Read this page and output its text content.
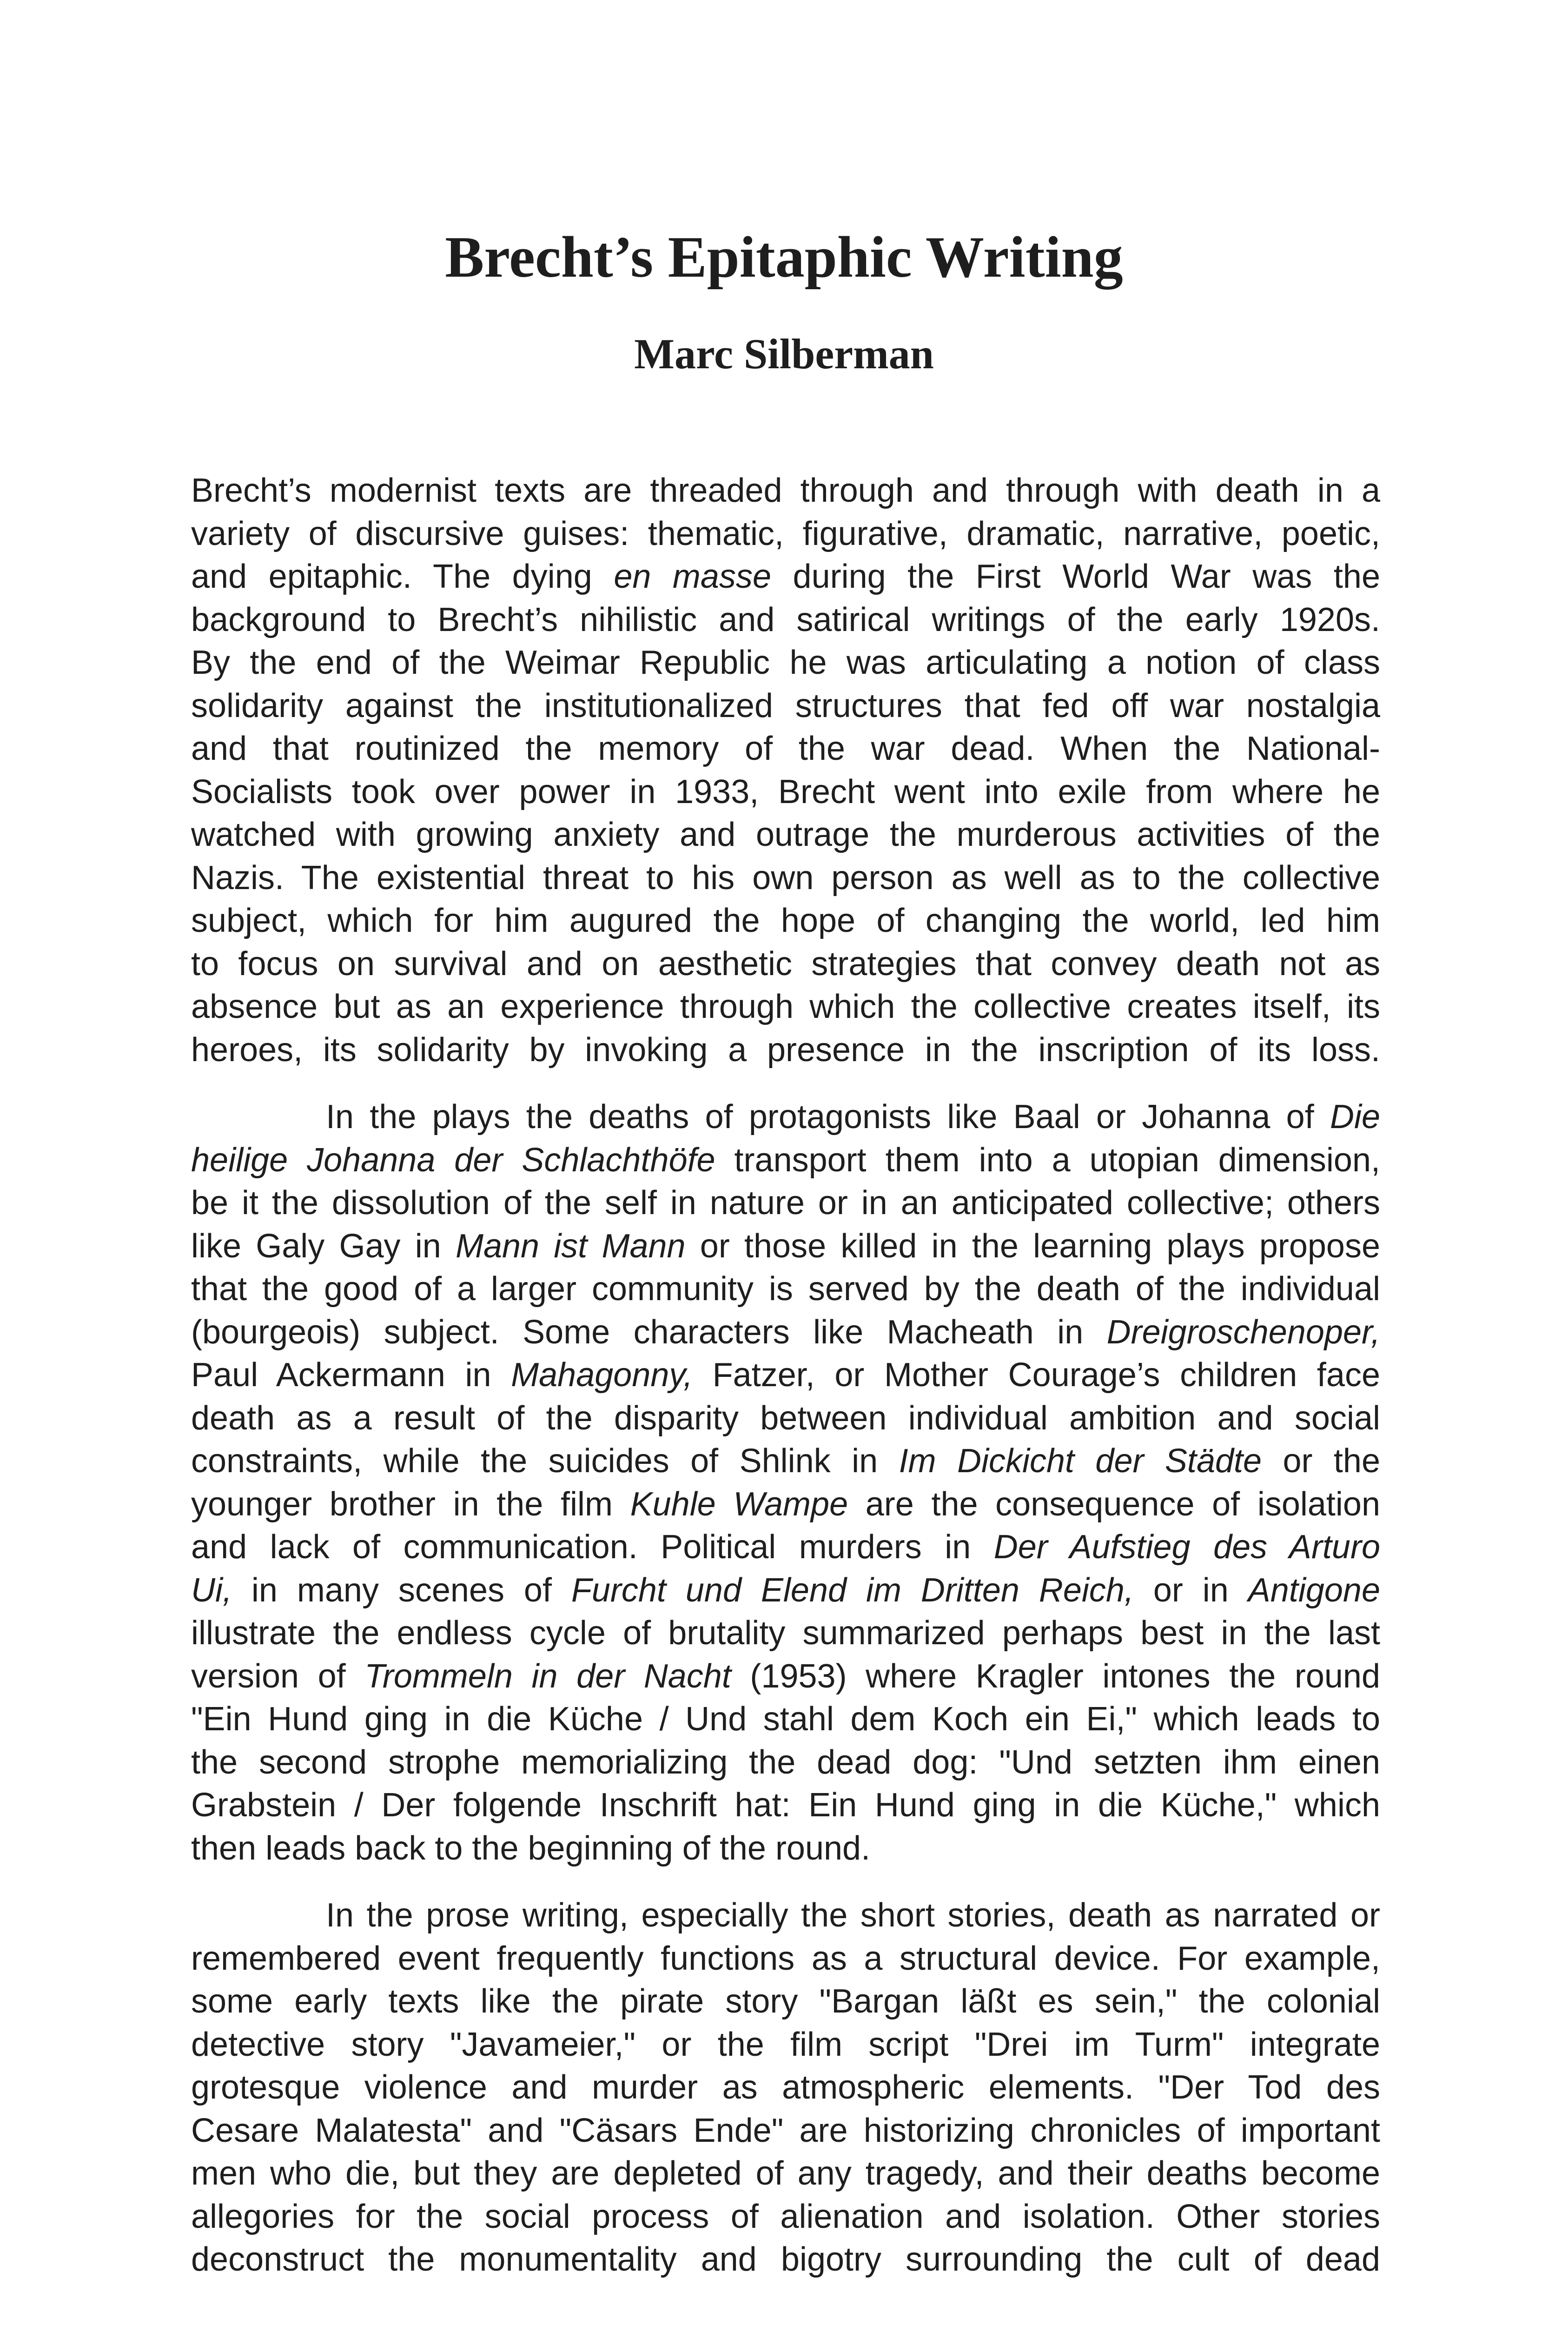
Brecht’s Epitaphic Writing
Marc Silberman
Brecht’s modernist texts are threaded through and through with death in a
variety of discursive guises: thematic, figurative, dramatic, narrative, poetic,
and epitaphic. The dying en masse during the First World War was the
background to Brecht’s nihilistic and satirical writings of the early 1920s.
By the end of the Weimar Republic he was articulating a notion of class
solidarity against the institutionalized structures that fed off war nostalgia
and that routinized the memory of the war dead. When the National-
Socialists took over power in 1933, Brecht went into exile from where he
watched with growing anxiety and outrage the murderous activities of the
Nazis. The existential threat to his own person as well as to the collective
subject, which for him augured the hope of changing the world, led him
to focus on survival and on aesthetic strategies that convey death not as
absence but as an experience through which the collective creates itself, its
heroes, its solidarity by invoking a presence in the inscription of its loss.
In the plays the deaths of protagonists like Baal or Johanna of Die
heilige Johanna der Schlachthöfe transport them into a utopian dimension,
be it the dissolution of the self in nature or in an anticipated collective; others
like Galy Gay in Mann ist Mann or those killed in the learning plays propose
that the good of a larger community is served by the death of the individual
(bourgeois) subject. Some characters like Macheath in Dreigroschenoper,
Paul Ackermann in Mahagonny, Fatzer, or Mother Courage’s children face
death as a result of the disparity between individual ambition and social
constraints, while the suicides of Shlink in Im Dickicht der Städte or the
younger brother in the film Kuhle Wampe are the consequence of isolation
and lack of communication. Political murders in Der Aufstieg des Arturo
Ui, in many scenes of Furcht und Elend im Dritten Reich, or in Antigone
illustrate the endless cycle of brutality summarized perhaps best in the last
version of Trommeln in der Nacht (1953) where Kragler intones the round
"Ein Hund ging in die Küche / Und stahl dem Koch ein Ei," which leads to
the second strophe memorializing the dead dog: "Und setzten ihm einen
Grabstein / Der folgende Inschrift hat: Ein Hund ging in die Küche," which
then leads back to the beginning of the round.
In the prose writing, especially the short stories, death as narrated or
remembered event frequently functions as a structural device. For example,
some early texts like the pirate story "Bargan läßt es sein," the colonial
detective story "Javameier," or the film script "Drei im Turm" integrate
grotesque violence and murder as atmospheric elements. "Der Tod des
Cesare Malatesta" and "Cäsars Ende" are historizing chronicles of important
men who die, but they are depleted of any tragedy, and their deaths become
allegories for the social process of alienation and isolation. Other stories
deconstruct the monumentality and bigotry surrounding the cult of dead
